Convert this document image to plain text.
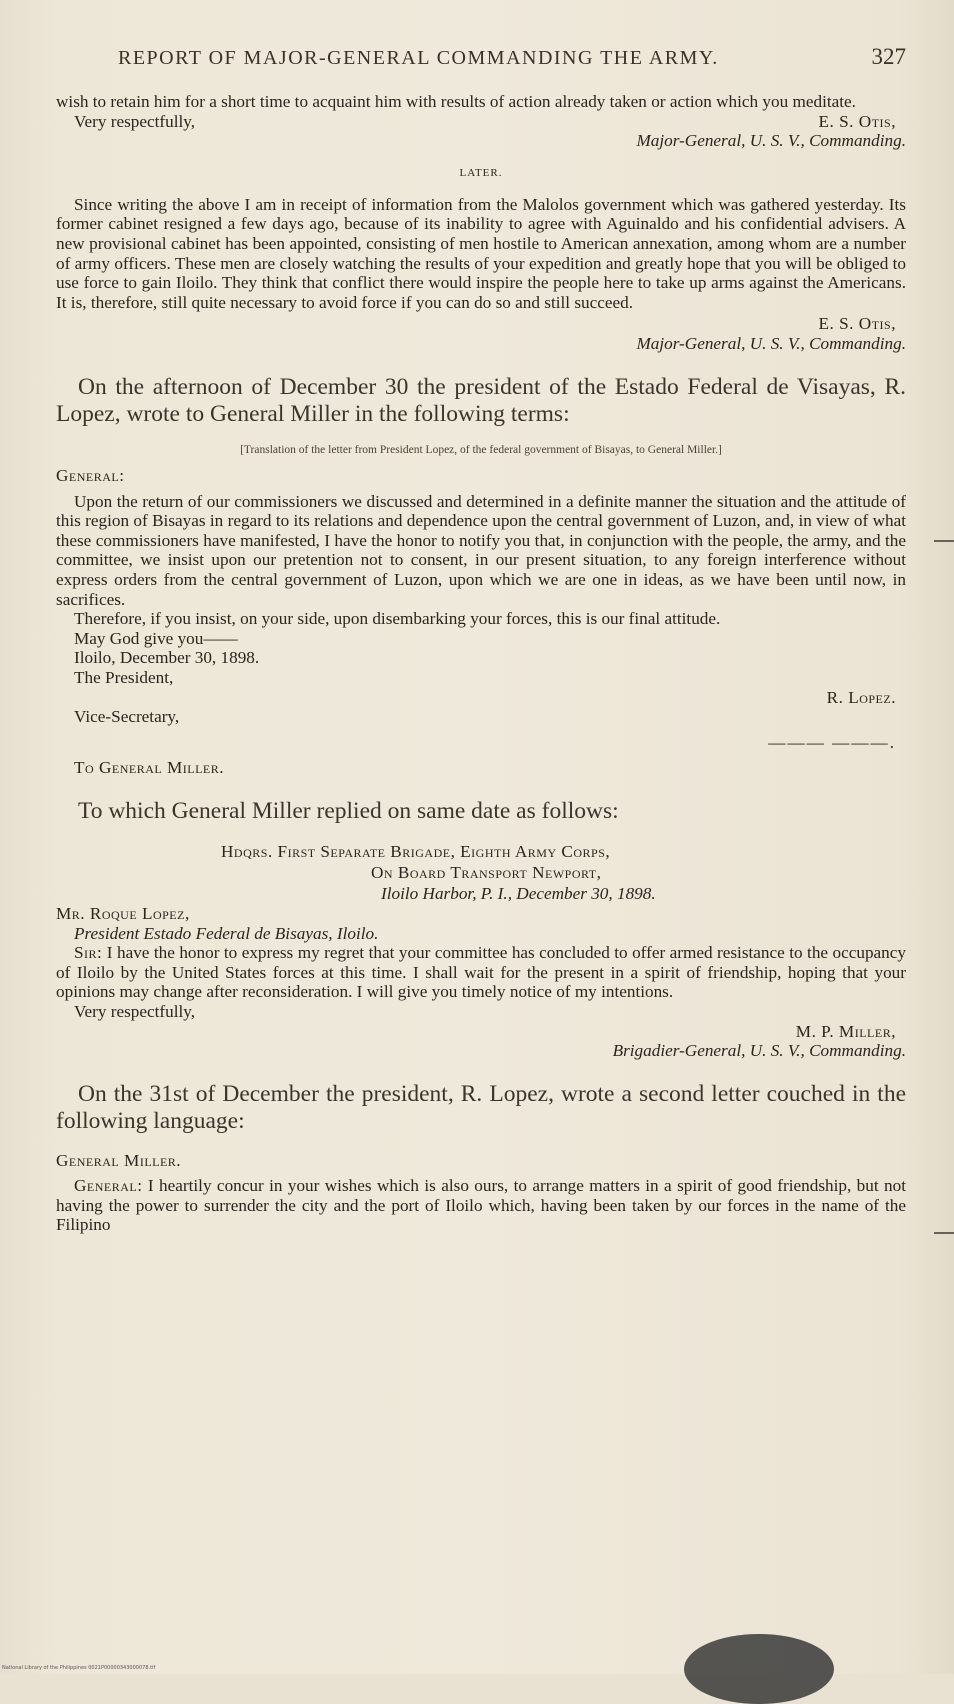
REPORT OF MAJOR-GENERAL COMMANDING THE ARMY.	327

wish to retain him for a short time to acquaint him with results of action already taken or action which you meditate.

Very respectfully,	E. S. Otis,

Major-General, U. S. V., Commanding.

LATER.

Since writing the above I am in receipt of information from the Malolos government which was gathered yesterday. Its former cabinet resigned a few days ago, because of its inability to agree with Aguinaldo and his confidential advisers. A new provisional cabinet has been appointed, consisting of men hostile to American annexation, among whom are a number of army officers. These men are closely watching the results of your expedition and greatly hope that you will be obliged to use force to gain Iloilo. They think that conflict there would inspire the people here to take up arms against the Americans. It is, therefore, still quite necessary to avoid force if you can do so and still succeed.

E. S. Otis,

Major-General, U. S. V., Commanding.

On the afternoon of December 30 the president of the Estado Federal de Visayas, R. Lopez, wrote to General Miller in the following terms:

[Translation of the letter from President Lopez, of the federal government of Bisayas, to General Miller.]

General:

Upon the return of our commissioners we discussed and determined in a definite manner the situation and the attitude of this region of Bisayas in regard to its relations and dependence upon the central government of Luzon, and, in view of what these commissioners have manifested, I have the honor to notify you that, in conjunction with the people, the army, and the committee, we insist upon our pretention not to consent, in our present situation, to any foreign interference without express orders from the central government of Luzon, upon which we are one in ideas, as we have been until now, in sacrifices.

Therefore, if you insist, on your side, upon disembarking your forces, this is our final attitude.

May God give you——

Iloilo, December 30, 1898.

The President,

R. Lopez.

Vice-Secretary,

——— ———.

To General Miller.

To which General Miller replied on same date as follows:

Hdqrs. First Separate Brigade, Eighth Army Corps,
On Board Transport Newport,
Iloilo Harbor, P. I., December 30, 1898.

Mr. Roque Lopez,

President Estado Federal de Bisayas, Iloilo.

Sir: I have the honor to express my regret that your committee has concluded to offer armed resistance to the occupancy of Iloilo by the United States forces at this time. I shall wait for the present in a spirit of friendship, hoping that your opinions may change after reconsideration. I will give you timely notice of my intentions.

Very respectfully,

M. P. Miller,

Brigadier-General, U. S. V., Commanding.

On the 31st of December the president, R. Lopez, wrote a second letter couched in the following language:

General Miller.

General: I heartily concur in your wishes which is also ours, to arrange matters in a spirit of good friendship, but not having the power to surrender the city and the port of Iloilo which, having been taken by our forces in the name of the Filipino

National Library of the Philippines 0021P00000343000078.tif
